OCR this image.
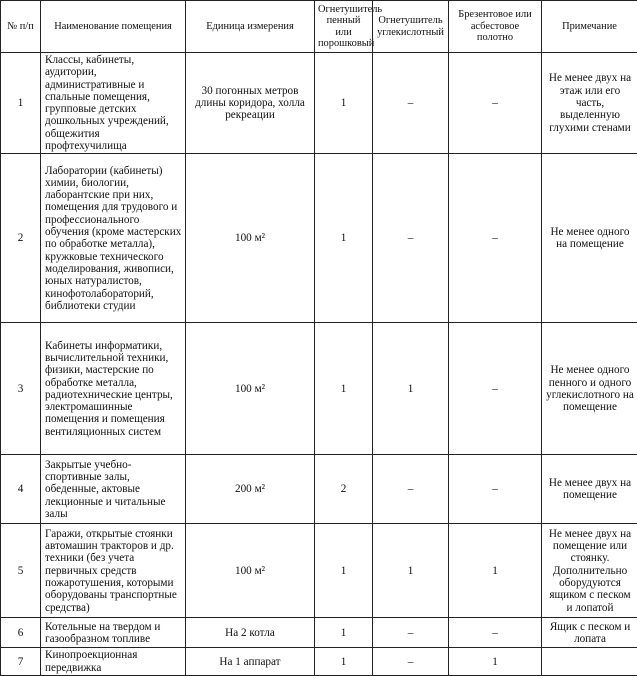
№ п/п	Наименование помещения	Единица измерения	Огнетушитель пенный или порошковый	Огнетушитель углекислотный	Брезентовое или асбестовое полотно	Примечание
1	Классы, кабинеты, аудитории, административные и спальные помещения, групповые детских дошкольных учреждений, общежития профтехучилища	30 погонных метров длины коридора, холла рекреации	1	–	–	Не менее двух на этаж или его часть, выделенную глухими стенами
2	Лаборатории (кабинеты) химии, биологии, лаборантские при них, помещения для трудового и профессионального обучения (кроме мастерских по обработке металла), кружковые технического моделирования, живописи, юных натуралистов, кинофотолабораторий, библиотеки студии	100 м²	1	–	–	Не менее одного на помещение
3	Кабинеты информатики, вычислительной техники, физики, мастерские по обработке металла, радиотехнические центры, электромашинные помещения и помещения вентиляционных систем	100 м²	1	1	–	Не менее одного пенного и одного углекислотного на помещение
4	Закрытые учебно-спортивные залы, обеденные, актовые лекционные и читальные залы	200 м²	2	–	–	Не менее двух на помещение
5	Гаражи, открытые стоянки автомашин тракторов и др. техники (без учета первичных средств пожаротушения, которыми оборудованы транспортные средства)	100 м²	1	1	1	Не менее двух на помещение или стоянку. Дополнительно оборудуются ящиком с песком и лопатой
6	Котельные на твердом и газообразном топливе	На 2 котла	1	–	–	Ящик с песком и лопата
7	Кинопроекционная передвижка	На 1 аппарат	1	–	1	
